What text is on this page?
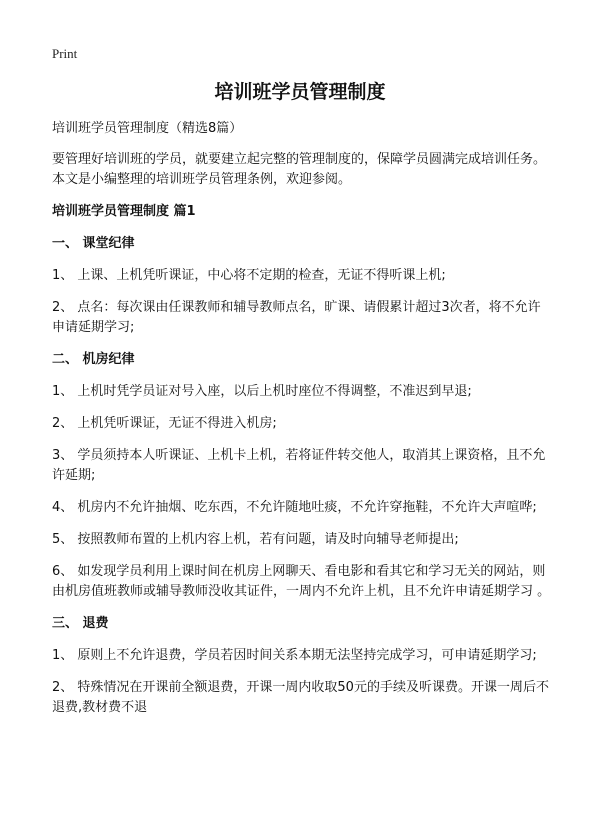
Print
培训班学员管理制度
培训班学员管理制度（精选8篇）
要管理好培训班的学员，就要建立起完整的管理制度的，保障学员圆满完成培训任务。本文是小编整理的培训班学员管理条例，欢迎参阅。
培训班学员管理制度 篇1
一、 课堂纪律
1、 上课、上机凭听课证，中心将不定期的检查，无证不得听课上机;
2、 点名：每次课由任课教师和辅导教师点名，旷课、请假累计超过3次者，将不允许申请延期学习;
二、 机房纪律
1、 上机时凭学员证对号入座，以后上机时座位不得调整，不准迟到早退;
2、 上机凭听课证，无证不得进入机房;
3、 学员须持本人听课证、上机卡上机，若将证件转交他人，取消其上课资格，且不允许延期;
4、 机房内不允许抽烟、吃东西，不允许随地吐痰，不允许穿拖鞋，不允许大声喧哗;
5、 按照教师布置的上机内容上机，若有问题，请及时向辅导老师提出;
6、 如发现学员利用上课时间在机房上网聊天、看电影和看其它和学习无关的网站，则由机房值班教师或辅导教师没收其证件，一周内不允许上机，且不允许申请延期学习 。
三、 退费
1、 原则上不允许退费，学员若因时间关系本期无法坚持完成学习，可申请延期学习;
2、 特殊情况在开课前全额退费，开课一周内收取50元的手续及听课费。开课一周后不退费,教材费不退
